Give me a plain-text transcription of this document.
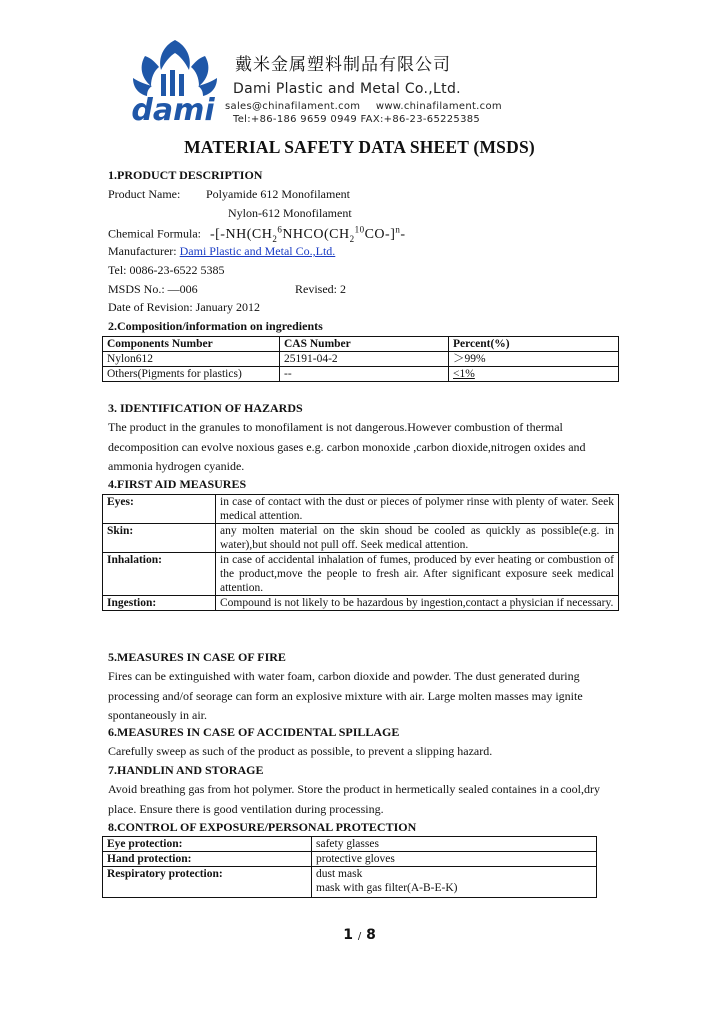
dami
戴米金属塑料制品有限公司
Dami Plastic and Metal Co.,Ltd.
sales@chinafilament.com www.chinafilament.com
Tel:+86-186 9659 0949 FAX:+86-23-65225385
MATERIAL SAFETY DATA SHEET (MSDS)
1.PRODUCT DESCRIPTION
Product Name: Polyamide 612 Monofilament
Nylon-612 Monofilament
Chemical Formula: $-[-NH(CH_2^6NHCO(CH_2^{10}CO-]^n-$
Manufacturer: Dami Plastic and Metal Co.,Ltd.
Tel: 0086-23-6522 5385
MSDS No.: —006	Revised: 2
Date of Revision: January 2012
2.Composition/information on ingredients
Components Number	CAS Number	Percent(%)
Nylon612	25191-04-2	＞99%
Others(Pigments for plastics)	--	<1%
3. IDENTIFICATION OF HAZARDS
The product in the granules to monofilament is not dangerous.However combustion of thermal decomposition can evolve noxious gases e.g. carbon monoxide ,carbon dioxide,nitrogen oxides and ammonia hydrogen cyanide.
4.FIRST AID MEASURES
Eyes:	in case of contact with the dust or pieces of polymer rinse with plenty of water. Seek medical attention.
Skin:	any molten material on the skin shoud be cooled as quickly as possible(e.g. in water),but should not pull off. Seek medical attention.
Inhalation:	in case of accidental inhalation of fumes, produced by ever heating or combustion of the product,move the people to fresh air. After significant exposure seek medical attention.
Ingestion:	Compound is not likely to be hazardous by ingestion,contact a physician if necessary.
5.MEASURES IN CASE OF FIRE
Fires can be extinguished with water foam, carbon dioxide and powder. The dust generated during processing and/of seorage can form an explosive mixture with air. Large molten masses may ignite spontaneously in air.
6.MEASURES IN CASE OF ACCIDENTAL SPILLAGE
Carefully sweep as such of the product as possible, to prevent a slipping hazard.
7.HANDLIN AND STORAGE
Avoid breathing gas from hot polymer. Store the product in hermetically sealed containes in a cool,dry place. Ensure there is good ventilation during processing.
8.CONTROL OF EXPOSURE/PERSONAL PROTECTION
Eye protection:	safety glasses
Hand protection:	protective gloves
Respiratory protection:	dust mask
mask with gas filter(A-B-E-K)
1 / 8
